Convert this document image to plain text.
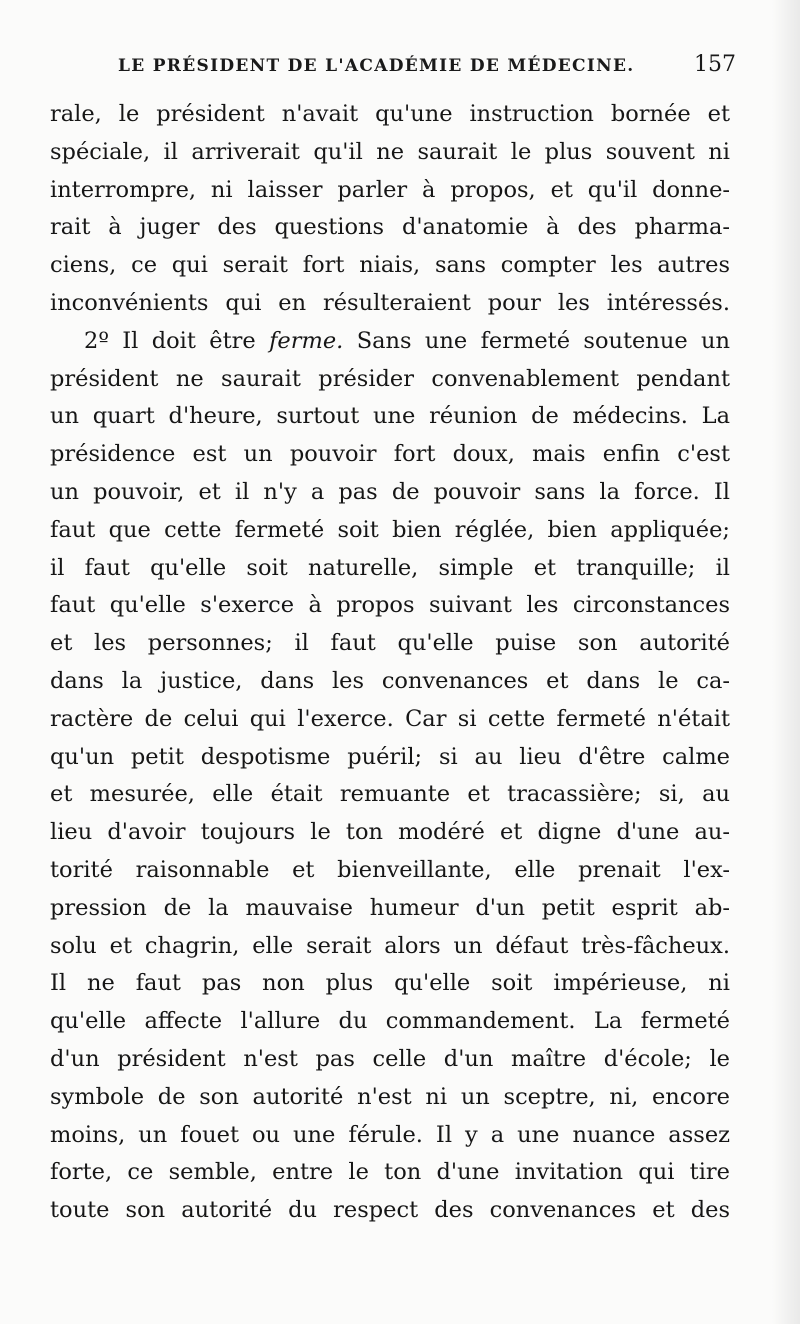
LE PRÉSIDENT DE L'ACADÉMIE DE MÉDECINE.	157
rale, le président n'avait qu'une instruction bornée et
spéciale, il arriverait qu'il ne saurait le plus souvent ni
interrompre, ni laisser parler à propos, et qu'il donne-
rait à juger des questions d'anatomie à des pharma-
ciens, ce qui serait fort niais, sans compter les autres
inconvénients qui en résulteraient pour les intéressés.
2º Il doit être ferme. Sans une fermeté soutenue un
président ne saurait présider convenablement pendant
un quart d'heure, surtout une réunion de médecins. La
présidence est un pouvoir fort doux, mais enfin c'est
un pouvoir, et il n'y a pas de pouvoir sans la force. Il
faut que cette fermeté soit bien réglée, bien appliquée;
il faut qu'elle soit naturelle, simple et tranquille; il
faut qu'elle s'exerce à propos suivant les circonstances
et les personnes; il faut qu'elle puise son autorité
dans la justice, dans les convenances et dans le ca-
ractère de celui qui l'exerce. Car si cette fermeté n'était
qu'un petit despotisme puéril; si au lieu d'être calme
et mesurée, elle était remuante et tracassière; si, au
lieu d'avoir toujours le ton modéré et digne d'une au-
torité raisonnable et bienveillante, elle prenait l'ex-
pression de la mauvaise humeur d'un petit esprit ab-
solu et chagrin, elle serait alors un défaut très-fâcheux.
Il ne faut pas non plus qu'elle soit impérieuse, ni
qu'elle affecte l'allure du commandement. La fermeté
d'un président n'est pas celle d'un maître d'école; le
symbole de son autorité n'est ni un sceptre, ni, encore
moins, un fouet ou une férule. Il y a une nuance assez
forte, ce semble, entre le ton d'une invitation qui tire
toute son autorité du respect des convenances et des
